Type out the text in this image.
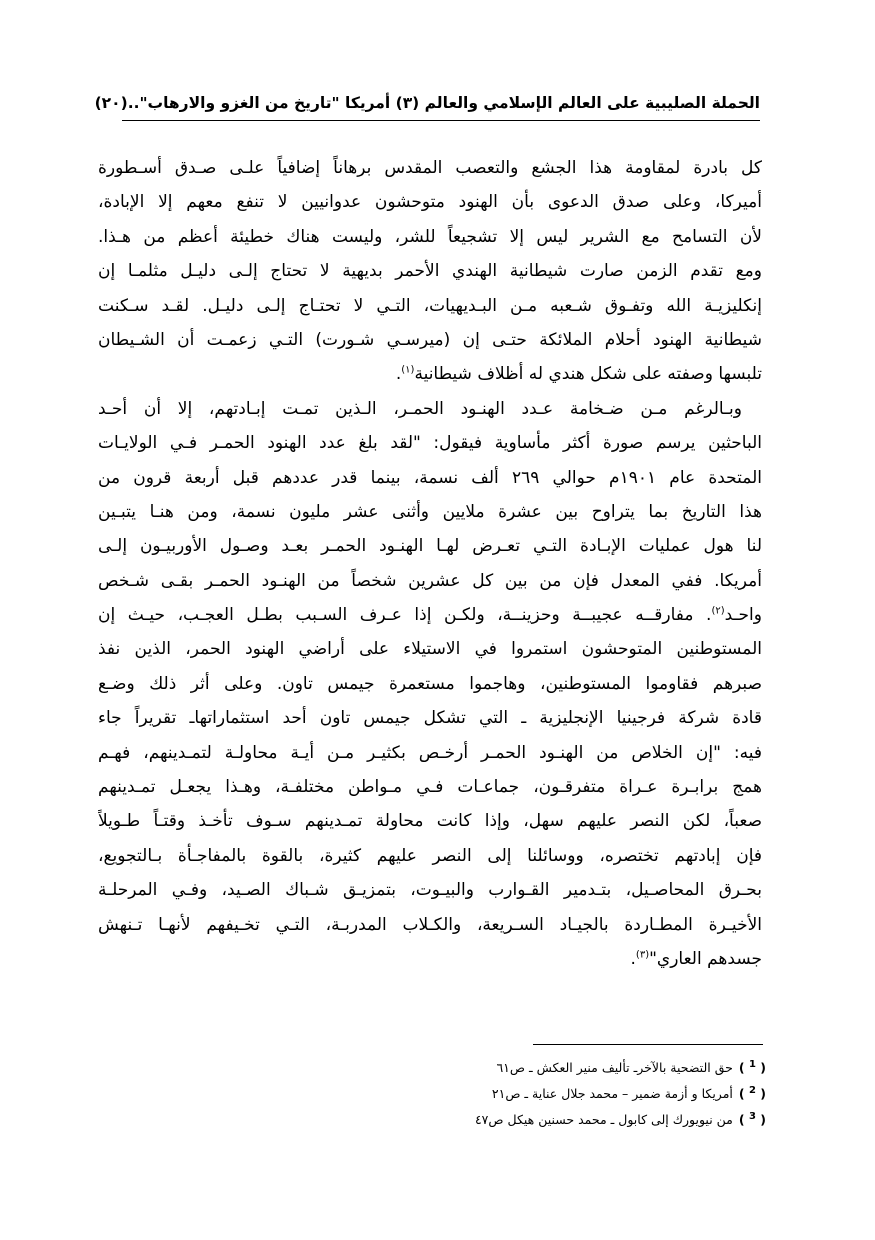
الحملة الصليبية على العالم الإسلامي والعالم (٣) أمريكا "تاريخ من الغزو والارهاب"..
(٢٠)
كل بادرة لمقاومة هذا الجشع والتعصب المقدس برهاناً إضافياً علـى صـدق أسـطورة
أميركا، وعلى صدق الدعوى بأن الهنود متوحشون عدوانيين لا تنفع معهم إلا الإبادة،
لأن التسامح مع الشرير ليس إلا تشجيعاً للشر، وليست هناك خطيئة أعظم من هـذا.
ومع تقدم الزمن صارت شيطانية الهندي الأحمر بديهية لا تحتاج إلـى دليـل مثلمـا إن
إنكليزيـة الله وتفـوق شـعبه مـن البـديهيات، التـي لا تحتـاج إلـى دليـل. لقـد سـكنت
شيطانية الهنود أحلام الملائكة حتـى إن (ميرسـي شـورت) التـي زعمـت أن الشـيطان
تلبسها وصفته على شكل هندي له أظلاف شيطانية$^{(١)}$.
وبـالرغم مـن ضـخامة عـدد الهنـود الحمـر، الـذين تمـت إبـادتهم، إلا أن أحـد
الباحثين يرسم صورة أكثر مأساوية فيقول: "لقد بلغ عدد الهنود الحمـر فـي الولايـات
المتحدة عام ١٩٠١م حوالي ٢٦٩ ألف نسمة، بينما قدر عددهم قبل أربعة قرون من
هذا التاريخ بما يتراوح بين عشرة ملايين وأثنى عشر مليون نسمة، ومن هنـا يتبـين
لنا هول عمليات الإبـادة التـي تعـرض لهـا الهنـود الحمـر بعـد وصـول الأوربيـون إلـى
أمريكا. ففي المعدل فإن من بين كل عشرين شخصاً من الهنـود الحمـر بقـى شـخص
واحـد$^{(٢)}$. مفارقــه عجيبــة وحزينــة، ولكـن إذا عـرف السـبب بطـل العجـب، حيـث إن
المستوطنين المتوحشون استمروا في الاستيلاء على أراضي الهنود الحمر، الذين نفذ
صبرهم فقاوموا المستوطنين، وهاجموا مستعمرة جيمس تاون. وعلى أثر ذلك وضـع
قادة شركة فرجينيا الإنجليزية ـ التي تشكل جيمس تاون أحد استثماراتهاـ تقريراً جاء
فيه: "إن الخلاص من الهنـود الحمـر أرخـص بكثيـر مـن أيـة محاولـة لتمـدينهم، فهـم
همج برابـرة عـراة متفرقـون، جماعـات فـي مـواطن مختلفـة، وهـذا يجعـل تمـدينهم
صعباً، لكن النصر عليهم سهل، وإذا كانت محاولة تمـدينهم سـوف تأخـذ وقتـاً طـويلاً
فإن إبادتهم تختصره، ووسائلنا إلى النصر عليهم كثيرة، بالقوة بالمفاجـأة بـالتجويع،
بحـرق المحاصـيل، بتـدمير القـوارب والبيـوت، بتمزيـق شـباك الصـيد، وفـي المرحلـة
الأخيـرة المطـاردة بالجيـاد السـريعة، والكـلاب المدربـة، التـي تخـيفهم لأنهـا تـنهش
جسدهم العاري"$^{(٣)}$.
( $^1$ )حق التضحية بالآخرـ تأليف منير العكش ـ ص٦١
( $^2$ )أمريكا و أزمة ضمير – محمد جلال عناية ـ ص٢١
( $^3$ )من نيويورك إلى كابول ـ محمد حسنين هيكل ص٤٧
